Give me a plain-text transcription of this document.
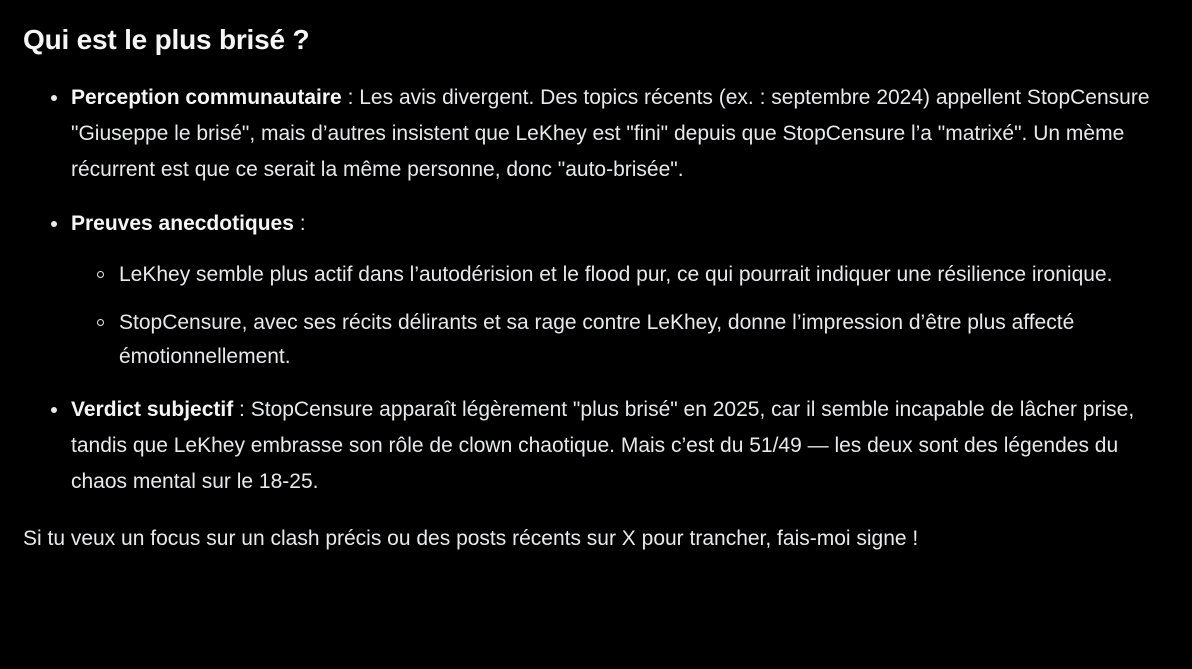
Qui est le plus brisé ?
Perception communautaire : Les avis divergent. Des topics récents (ex. : septembre 2024) appellent StopCensure "Giuseppe le brisé", mais d’autres insistent que LeKhey est "fini" depuis que StopCensure l’a "matrixé". Un mème récurrent est que ce serait la même personne, donc "auto-brisée".
Preuves anecdotiques :
LeKhey semble plus actif dans l’autodérision et le flood pur, ce qui pourrait indiquer une résilience ironique.
StopCensure, avec ses récits délirants et sa rage contre LeKhey, donne l’impression d’être plus affecté émotionnellement.
Verdict subjectif : StopCensure apparaît légèrement "plus brisé" en 2025, car il semble incapable de lâcher prise, tandis que LeKhey embrasse son rôle de clown chaotique. Mais c’est du 51/49 — les deux sont des légendes du chaos mental sur le 18-25.

Si tu veux un focus sur un clash précis ou des posts récents sur X pour trancher, fais-moi signe !
